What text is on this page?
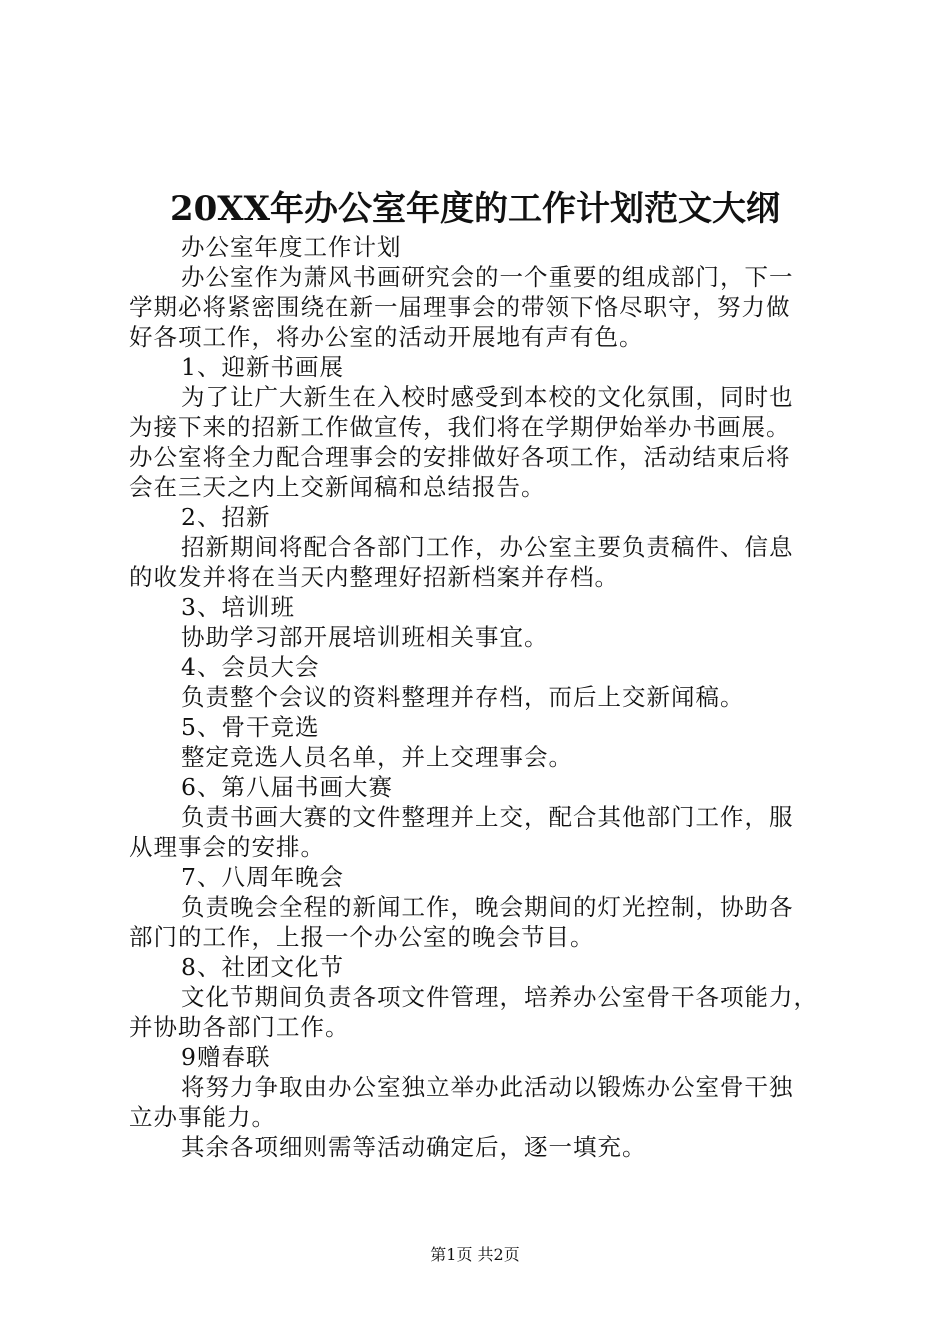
20XX年办公室年度的工作计划范文大纲
办公室年度工作计划
办公室作为萧风书画研究会的一个重要的组成部门，下一
学期必将紧密围绕在新一届理事会的带领下恪尽职守，努力做
好各项工作，将办公室的活动开展地有声有色。
1、迎新书画展
为了让广大新生在入校时感受到本校的文化氛围，同时也
为接下来的招新工作做宣传，我们将在学期伊始举办书画展。
办公室将全力配合理事会的安排做好各项工作，活动结束后将
会在三天之内上交新闻稿和总结报告。
2、招新
招新期间将配合各部门工作，办公室主要负责稿件、信息
的收发并将在当天内整理好招新档案并存档。
3、培训班
协助学习部开展培训班相关事宜。
4、会员大会
负责整个会议的资料整理并存档，而后上交新闻稿。
5、骨干竞选
整定竞选人员名单，并上交理事会。
6、第八届书画大赛
负责书画大赛的文件整理并上交，配合其他部门工作，服
从理事会的安排。
7、八周年晚会
负责晚会全程的新闻工作，晚会期间的灯光控制，协助各
部门的工作，上报一个办公室的晚会节目。
8、社团文化节
文化节期间负责各项文件管理，培养办公室骨干各项能力，
并协助各部门工作。
9赠春联
将努力争取由办公室独立举办此活动以锻炼办公室骨干独
立办事能力。
其余各项细则需等活动确定后，逐一填充。
第1页 共2页
